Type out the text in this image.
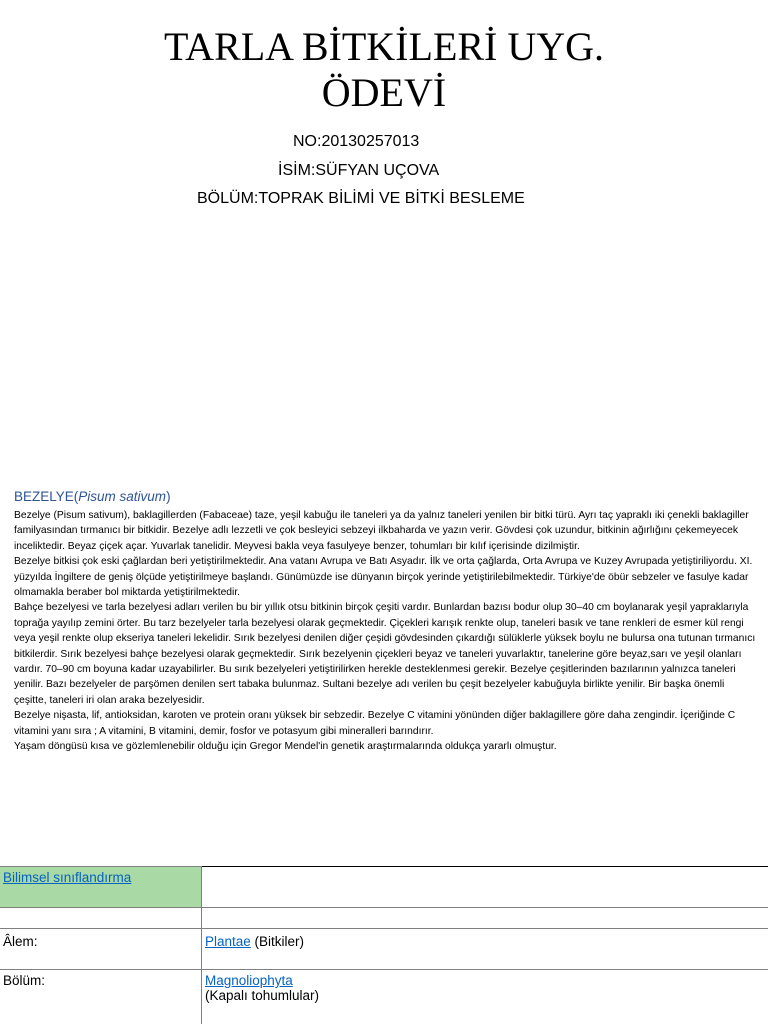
TARLA BİTKİLERİ UYG.
ÖDEVİ
NO:20130257013
İSİM:SÜFYAN UÇOVA
BÖLÜM:TOPRAK BİLİMİ VE BİTKİ BESLEME
BEZELYE(Pisum sativum)

Bezelye (Pisum sativum), baklagillerden (Fabaceae) taze, yeşil kabuğu ile taneleri ya da yalnız taneleri yenilen bir bitki türü. Ayrı taç yapraklı iki çenekli baklagiller familyasından tırmanıcı bir bitkidir. Bezelye adlı lezzetli ve çok besleyici sebzeyi ilkbaharda ve yazın verir. Gövdesi çok uzundur, bitkinin ağırlığını çekemeyecek inceliktedir. Beyaz çiçek açar. Yuvarlak tanelidir. Meyvesi bakla veya fasulyeye benzer, tohumları bir kılıf içerisinde dizilmiştir.

Bezelye bitkisi çok eski çağlardan beri yetiştirilmektedir. Ana vatanı Avrupa ve Batı Asyadır. İlk ve orta çağlarda, Orta Avrupa ve Kuzey Avrupada yetiştiriliyordu. XI. yüzyılda İngiltere de geniş ölçüde yetiştirilmeye başlandı. Günümüzde ise dünyanın birçok yerinde yetiştirilebilmektedir. Türkiye'de öbür sebzeler ve fasulye kadar olmamakla beraber bol miktarda yetiştirilmektedir.

Bahçe bezelyesi ve tarla bezelyesi adları verilen bu bir yıllık otsu bitkinin birçok çeşiti vardır. Bunlardan bazısı bodur olup 30–40 cm boylanarak yeşil yapraklarıyla toprağa yayılıp zemini örter. Bu tarz bezelyeler tarla bezelyesi olarak geçmektedir. Çiçekleri karışık renkte olup, taneleri basık ve tane renkleri de esmer kül rengi veya yeşil renkte olup ekseriya taneleri lekelidir. Sırık bezelyesi denilen diğer çeşidi gövdesinden çıkardığı sülüklerle yüksek boylu ne bulursa ona tutunan tırmanıcı bitkilerdir. Sırık bezelyesi bahçe bezelyesi olarak geçmektedir. Sırık bezelyenin çiçekleri beyaz ve taneleri yuvarlaktır, tanelerine göre beyaz,sarı ve yeşil olanları vardır. 70–90 cm boyuna kadar uzayabilirler. Bu sırık bezelyeleri yetiştirilirken herekle desteklenmesi gerekir. Bezelye çeşitlerinden bazılarının yalnızca taneleri yenilir. Bazı bezelyeler de parşömen denilen sert tabaka bulunmaz. Sultani bezelye adı verilen bu çeşit bezelyeler kabuğuyla birlikte yenilir. Bir başka önemli çeşitte, taneleri iri olan araka bezelyesidir.

Bezelye nişasta, lif, antioksidan, karoten ve protein oranı yüksek bir sebzedir. Bezelye C vitamini yönünden diğer baklagillere göre daha zengindir. İçeriğinde C vitamini yanı sıra ; A vitamini, B vitamini, demir, fosfor ve potasyum gibi mineralleri barındırır.

Yaşam döngüsü kısa ve gözlemlenebilir olduğu için Gregor Mendel'in genetik araştırmalarında oldukça yararlı olmuştur.

Bilimsel sınıflandırma	

Âlem:	Plantae (Bitkiler)
Bölüm:	Magnoliophyta
(Kapalı tohumlular)
